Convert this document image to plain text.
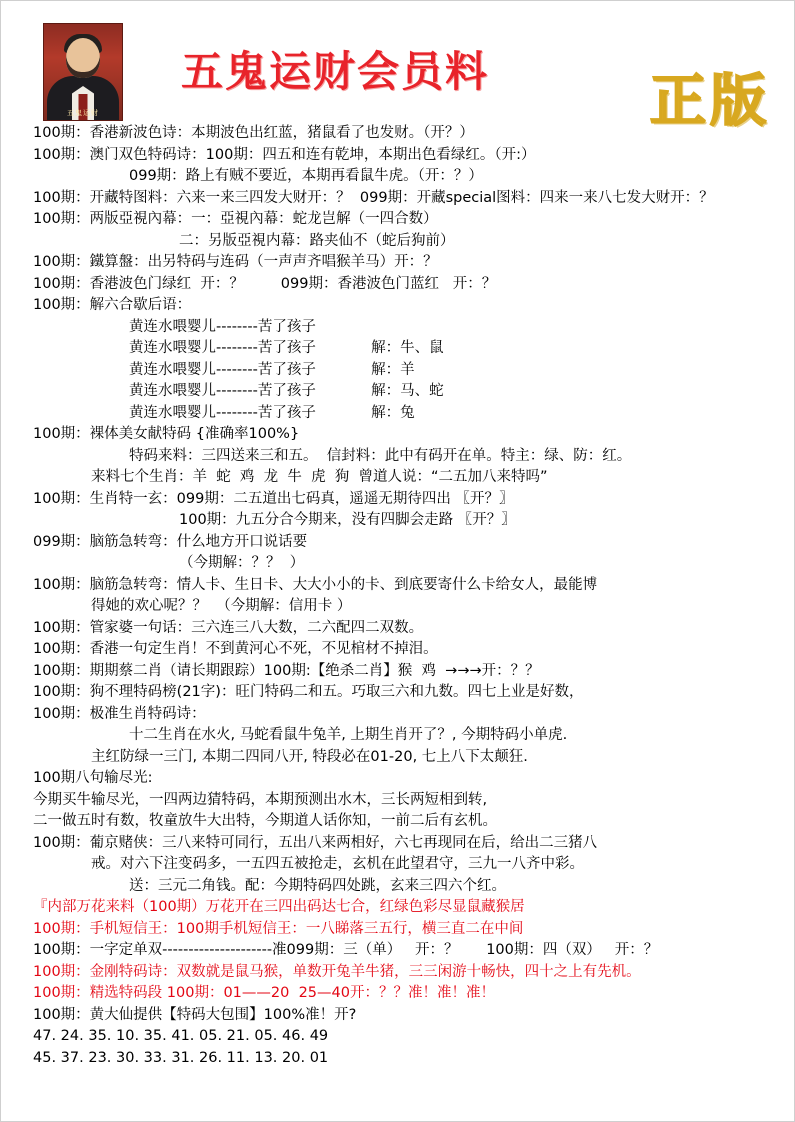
五鬼运财
五鬼运财会员料	正版
100期：香港新波色诗：本期波色出红蓝，猪鼠看了也发财。（开？）
100期：澳门双色特码诗：100期：四五和连有乾坤，本期出色看绿红。（开:）
099期：路上有贼不要近，本期再看鼠牛虎。（开：？）
100期：开藏特图料：六来一来三四发大财开：？  099期：开藏special图料：四来一来八七发大财开：？
100期：两版亞視內幕：一：亞視內幕：蛇龙岂解（一四合数）
二：另版亞視内幕：路夹仙不（蛇后狗前）
100期：鐵算盤：出另特码与连码（一声声齐唱猴羊马）开：？
100期：香港波色门绿红  开：？        099期：香港波色门蓝红   开：？
100期：解六合歇后语：
黄连水喂婴儿--------苦了孩子
黄连水喂婴儿--------苦了孩子            解：牛、鼠
黄连水喂婴儿--------苦了孩子            解：羊
黄连水喂婴儿--------苦了孩子            解：马、蛇
黄连水喂婴儿--------苦了孩子            解：兔
100期：裸体美女献特码 {准确率100%}
特码来料：三四送来三和五。  信封料：此中有码开在单。特主：绿、防：红。
来料七个生肖：羊  蛇  鸡  龙  牛  虎  狗  曾道人说：“二五加八来特吗”
100期：生肖特一玄：099期：二五道出七码真，遥遥无期待四出 〖开？〗
100期：九五分合今期来，没有四脚会走路 〖开？〗
099期：脑筋急转弯：什么地方开口说话要
（今期解：？？  ）
100期：脑筋急转弯：情人卡、生日卡、大大小小的卡、到底要寄什么卡给女人，最能博
得她的欢心呢？？  （今期解：信用卡 ）
100期：管家婆一句话：三六连三八大数，二六配四二双数。
100期：香港一句定生肖！不到黄河心不死，不见棺材不掉泪。
100期：期期蔡二肖（请长期跟踪）100期:【绝杀二肖】猴  鸡  →→→开：？？
100期：狗不理特码榜(21字)：旺门特码二和五。巧取三六和九数。四七上业是好数，
100期：极准生肖特码诗：
十二生肖在水火, 马蛇看鼠牛兔羊, 上期生肖开了？, 今期特码小单虎.
主红防绿一三门, 本期二四同八开, 特段必在01-20, 七上八下太颠狂.
100期八句输尽光:
今期买牛输尽光，一四两边猜特码，本期预测出水木，三长两短相到转,
二一做五时有数，牧童放牛大出特，今期道人话你知，一前二后有玄机。
100期：葡京赌侠：三八来特可同行，五出八来两相好，六七再现同在后，给出二三猪八
戒。对六下注变码多，一五四五被抢走，玄机在此望君守，三九一八齐中彩。
送：三元二角钱。配：今期特码四处跳，玄来三四六个红。
『内部万花来料（100期）万花开在三四出码达七合，红绿色彩尽显鼠藏猴居
100期：手机短信王：100期手机短信王：一八睇落三五行，横三直二在中间
100期：一字定单双---------------------准099期：三（单）   开：？      100期：四（双）   开：？
100期：金刚特码诗：双数就是鼠马猴，单数开兔羊牛猪，三三闲游十畅快，四十之上有先机。
100期：精选特码段 100期：01——20  25—40开：？？准！准！准！
100期：黄大仙提供【特码大包围】100%准！开?
47. 24. 35. 10. 35. 41. 05. 21. 05. 46. 49
45. 37. 23. 30. 33. 31. 26. 11. 13. 20. 01
